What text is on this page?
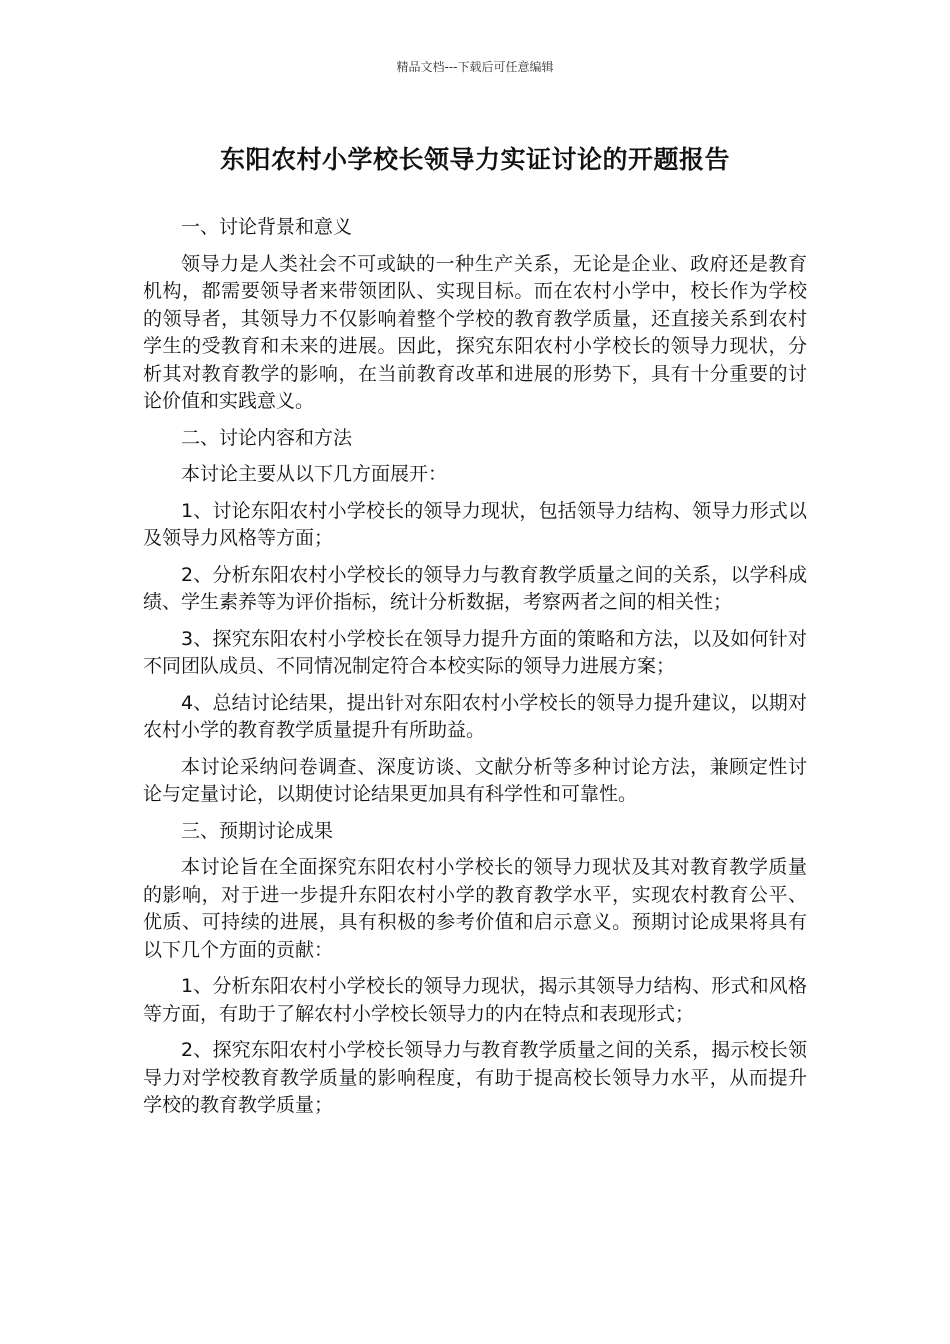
精品文档---下载后可任意编辑
东阳农村小学校长领导力实证讨论的开题报告

一、讨论背景和意义

领导力是人类社会不可或缺的一种生产关系，无论是企业、政府还是教育机构，都需要领导者来带领团队、实现目标。而在农村小学中，校长作为学校的领导者，其领导力不仅影响着整个学校的教育教学质量，还直接关系到农村学生的受教育和未来的进展。因此，探究东阳农村小学校长的领导力现状，分析其对教育教学的影响，在当前教育改革和进展的形势下，具有十分重要的讨论价值和实践意义。

二、讨论内容和方法

本讨论主要从以下几方面展开：

1、讨论东阳农村小学校长的领导力现状，包括领导力结构、领导力形式以及领导力风格等方面；

2、分析东阳农村小学校长的领导力与教育教学质量之间的关系，以学科成绩、学生素养等为评价指标，统计分析数据，考察两者之间的相关性；

3、探究东阳农村小学校长在领导力提升方面的策略和方法，以及如何针对不同团队成员、不同情况制定符合本校实际的领导力进展方案；

4、总结讨论结果，提出针对东阳农村小学校长的领导力提升建议，以期对农村小学的教育教学质量提升有所助益。

本讨论采纳问卷调查、深度访谈、文献分析等多种讨论方法，兼顾定性讨论与定量讨论，以期使讨论结果更加具有科学性和可靠性。

三、预期讨论成果

本讨论旨在全面探究东阳农村小学校长的领导力现状及其对教育教学质量的影响，对于进一步提升东阳农村小学的教育教学水平，实现农村教育公平、优质、可持续的进展，具有积极的参考价值和启示意义。预期讨论成果将具有以下几个方面的贡献：

1、分析东阳农村小学校长的领导力现状，揭示其领导力结构、形式和风格等方面，有助于了解农村小学校长领导力的内在特点和表现形式；

2、探究东阳农村小学校长领导力与教育教学质量之间的关系，揭示校长领导力对学校教育教学质量的影响程度，有助于提高校长领导力水平，从而提升学校的教育教学质量；
